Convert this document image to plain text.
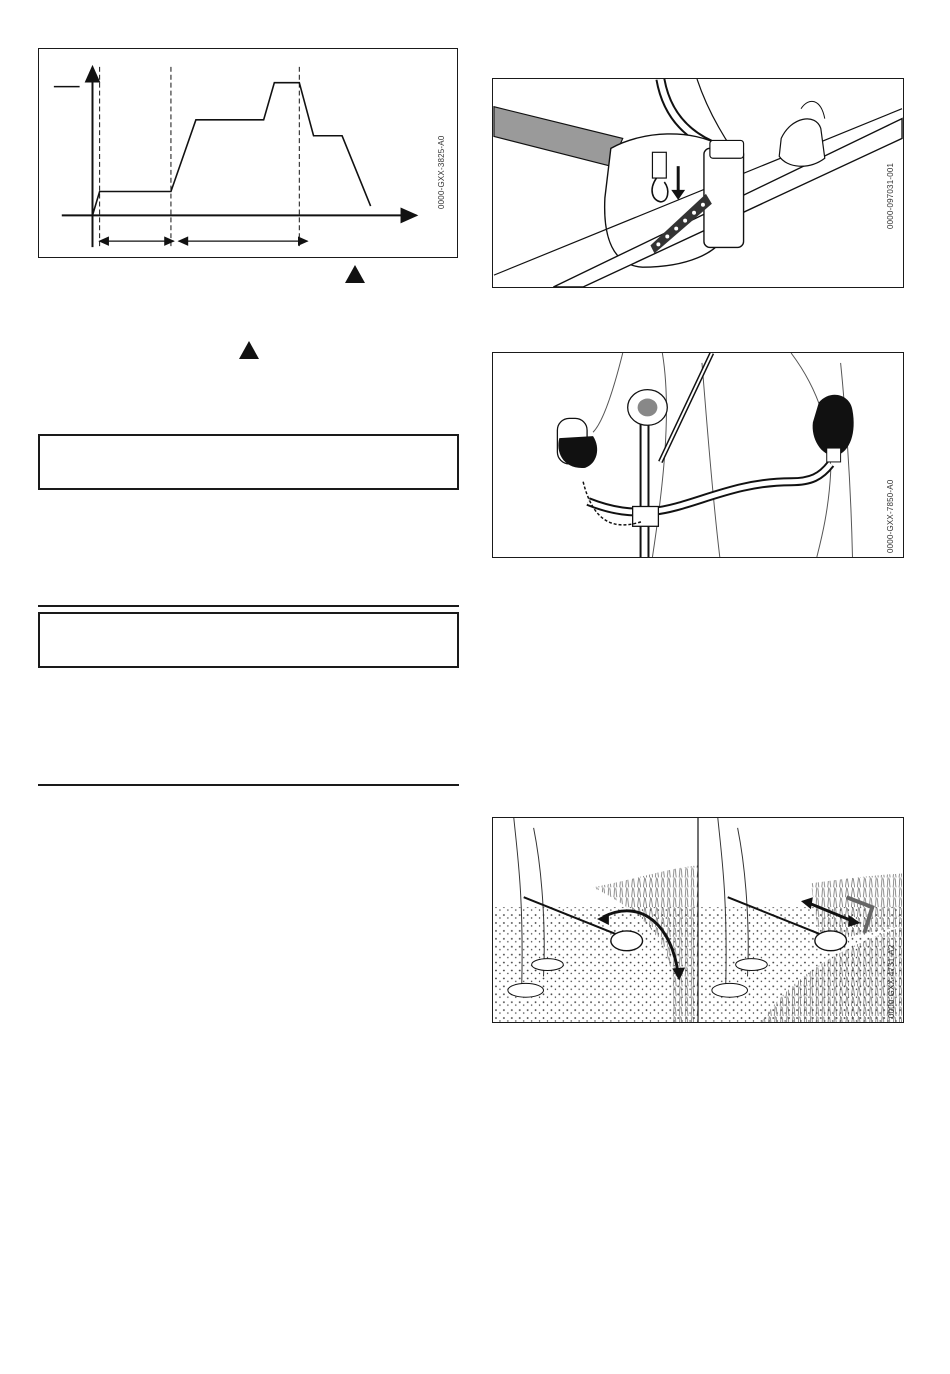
0000-GXX-3825-A0	0000-097031-001
0000-GXX-7850-A0
0000-GXX-4731-A2
